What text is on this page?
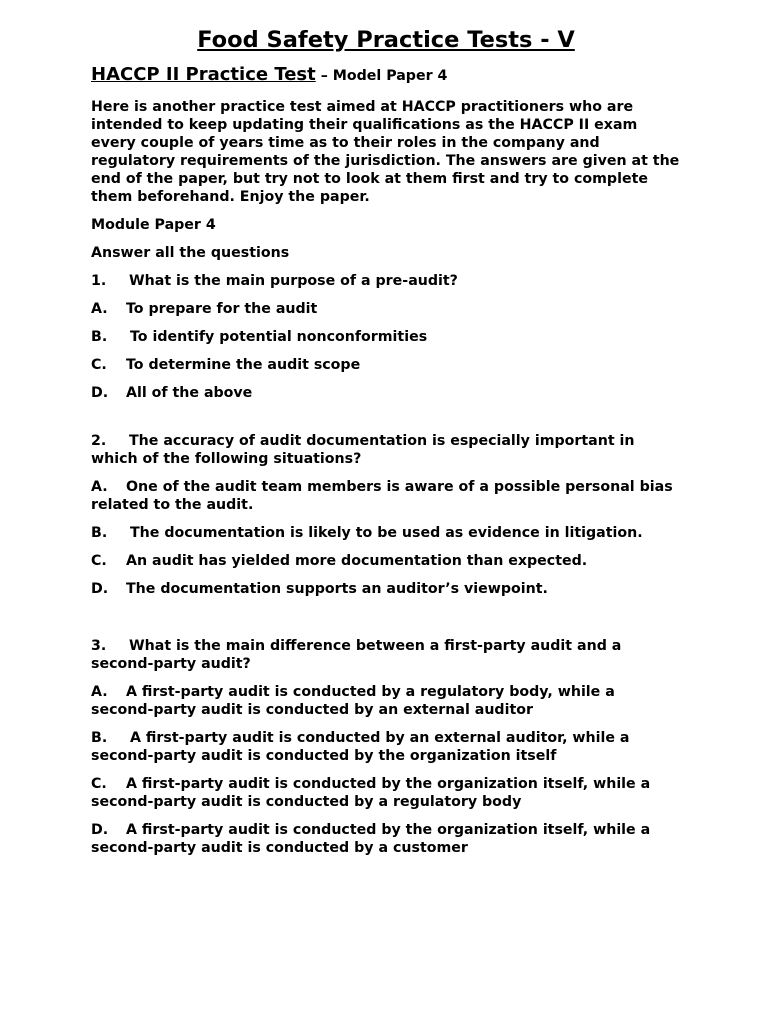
Food Safety Practice Tests - V
HACCP II Practice Test – Model Paper 4

Here is another practice test aimed at HACCP practitioners who are intended to keep updating their qualifications as the HACCP II exam every couple of years time as to their roles in the company and regulatory requirements of the jurisdiction. The answers are given at the end of the paper, but try not to look at them first and try to complete them beforehand. Enjoy the paper.

Module Paper 4

Answer all the questions

1. What is the main purpose of a pre-audit?
A. To prepare for the audit
B. To identify potential nonconformities
C. To determine the audit scope
D. All of the above
2. The accuracy of audit documentation is especially important in which of the following situations?
A. One of the audit team members is aware of a possible personal bias related to the audit.
B. The documentation is likely to be used as evidence in litigation.
C. An audit has yielded more documentation than expected.
D. The documentation supports an auditor’s viewpoint.
3. What is the main difference between a first-party audit and a second-party audit?
A. A first-party audit is conducted by a regulatory body, while a second-party audit is conducted by an external auditor
B. A first-party audit is conducted by an external auditor, while a second-party audit is conducted by the organization itself
C. A first-party audit is conducted by the organization itself, while a second-party audit is conducted by a regulatory body
D. A first-party audit is conducted by the organization itself, while a second-party audit is conducted by a customer
